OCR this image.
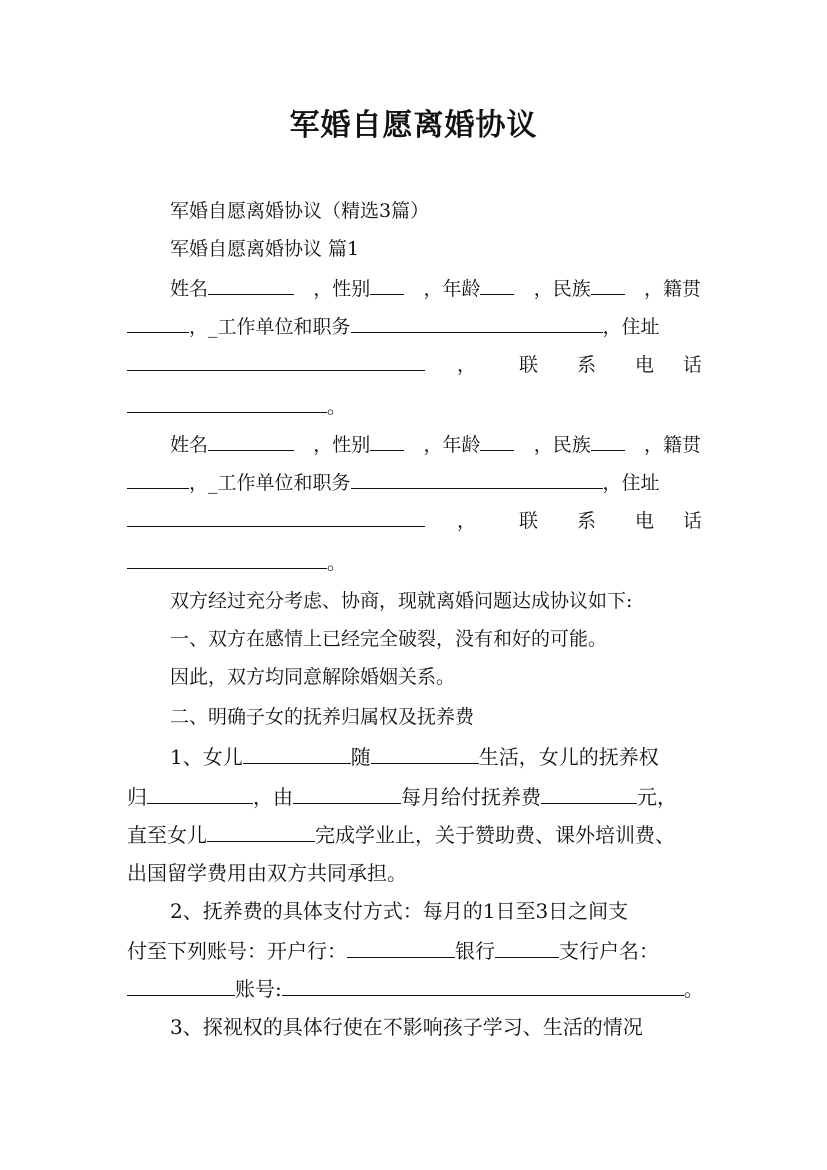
军婚自愿离婚协议
军婚自愿离婚协议（精选3篇）
军婚自愿离婚协议 篇1
姓名	，性别	，年龄	，民族	，籍贯
，_工作单位和职务	，住址
， 联 系 电 话
。
姓名	，性别	，年龄	，民族	，籍贯
，_工作单位和职务	，住址
， 联 系 电 话
。
双方经过充分考虑、协商，现就离婚问题达成协议如下:
一、双方在感情上已经完全破裂，没有和好的可能。
因此，双方均同意解除婚姻关系。
二、明确子女的抚养归属权及抚养费
1、女儿	随	生活，女儿的抚养权
归	，由	每月给付抚养费	元，
直至女儿	完成学业止，关于赞助费、课外培训费、
出国留学费用由双方共同承担。
2、抚养费的具体支付方式：每月的1日至3日之间支
付至下列账号：开户行：	银行	支行户名：
账号:	。
3、探视权的具体行使在不影响孩子学习、生活的情况
